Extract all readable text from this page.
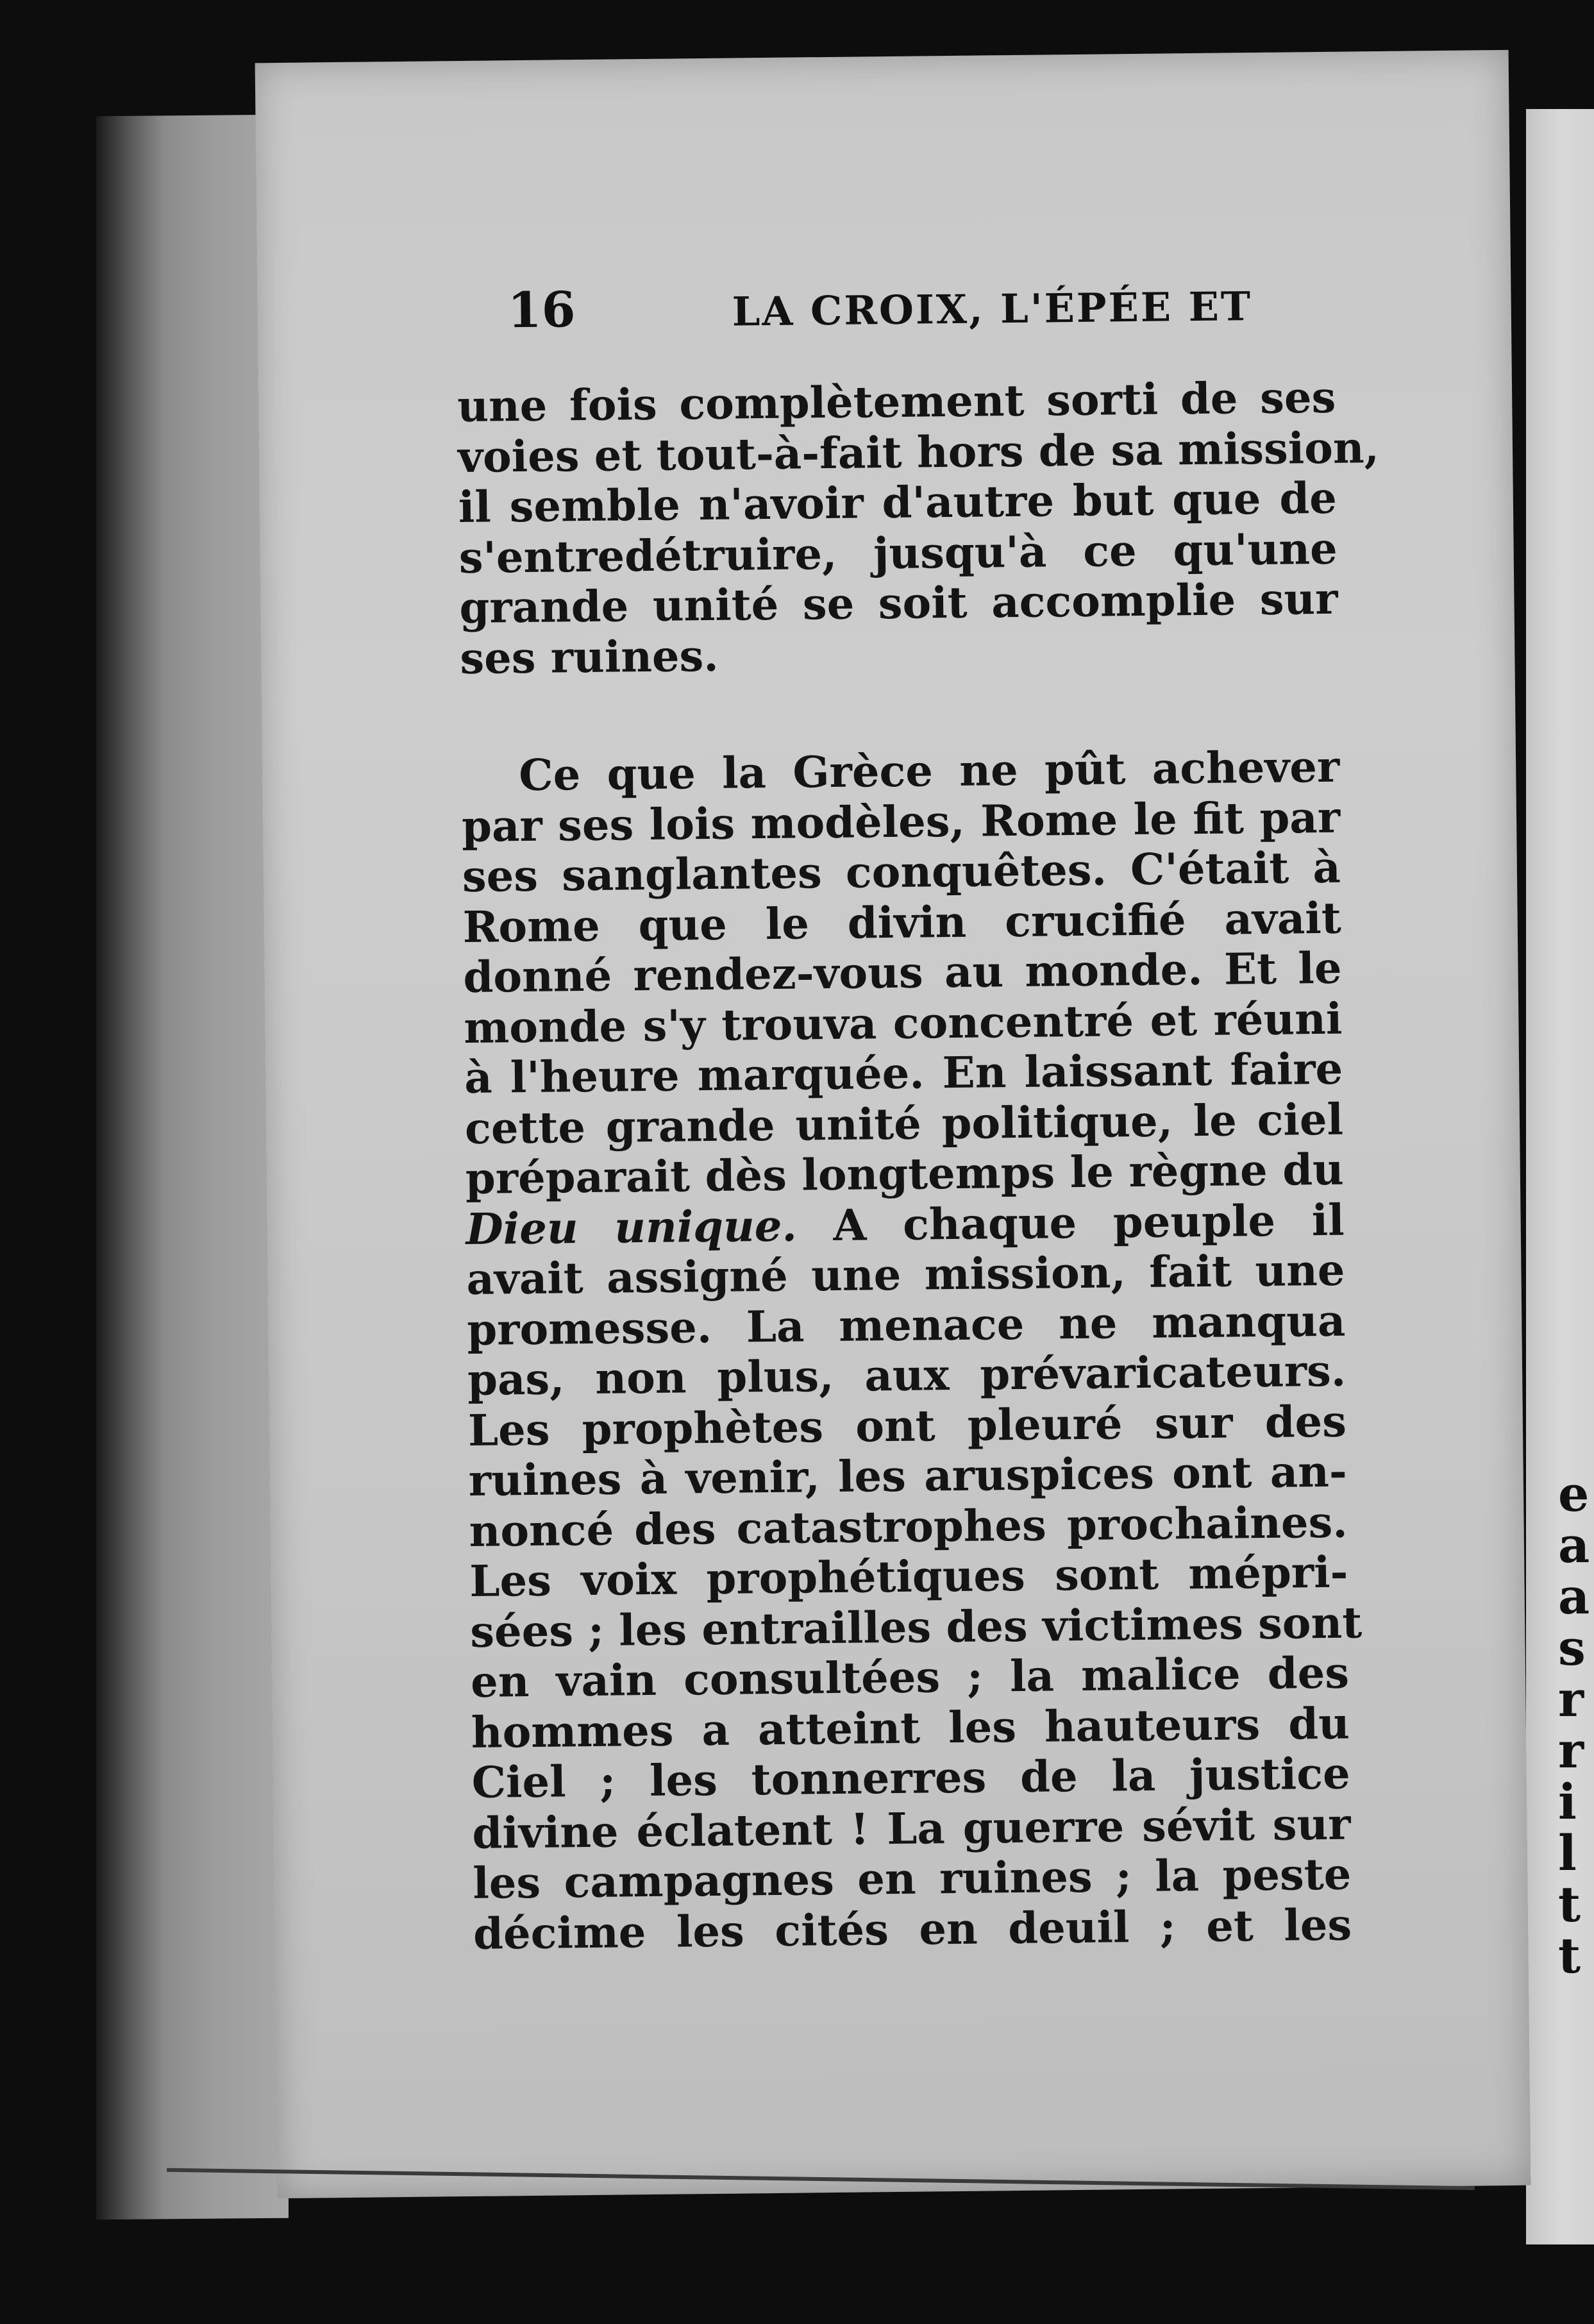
e
a
a
s
r
r
i
l
t
t
16	LA CROIX, L'ÉPÉE ET
une fois complètement sorti de ses
voies et tout-à-fait hors de sa mission,
il semble n'avoir d'autre but que de
s'entredétruire, jusqu'à ce qu'une
grande unité se soit accomplie sur
ses ruines.
Ce que la Grèce ne pût achever
par ses lois modèles, Rome le fit par
ses sanglantes conquêtes. C'était à
Rome que le divin crucifié avait
donné rendez-vous au monde. Et le
monde s'y trouva concentré et réuni
à l'heure marquée. En laissant faire
cette grande unité politique, le ciel
préparait dès longtemps le règne du
Dieu unique. A chaque peuple il
avait assigné une mission, fait une
promesse. La menace ne manqua
pas, non plus, aux prévaricateurs.
Les prophètes ont pleuré sur des
ruines à venir, les aruspices ont an-
noncé des catastrophes prochaines.
Les voix prophétiques sont mépri-
sées ; les entrailles des victimes sont
en vain consultées ; la malice des
hommes a atteint les hauteurs du
Ciel ; les tonnerres de la justice
divine éclatent ! La guerre sévit sur
les campagnes en ruines ; la peste
décime les cités en deuil ; et les
